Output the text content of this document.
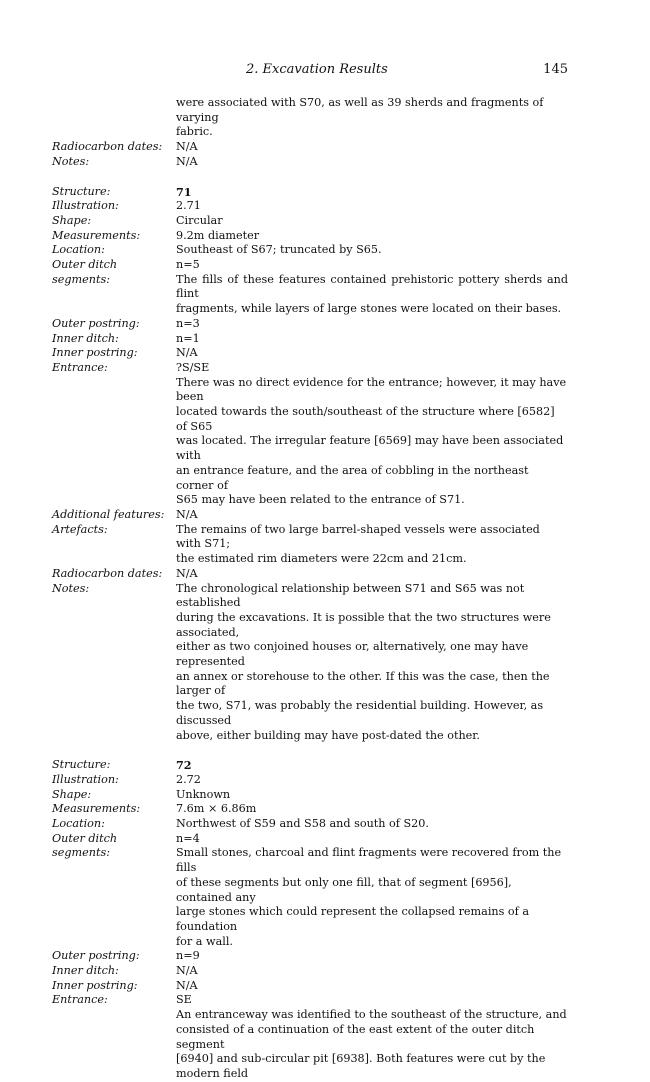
2. Excavation Results	145
were associated with S70, as well as 39 sherds and fragments of varying
fabric.
Radiocarbon dates:	N/A
Notes:	N/A
Structure:	71
Illustration:	2.71
Shape:	Circular
Measurements:	9.2m diameter
Location:	Southeast of S67; truncated by S65.
Outer ditch segments:
n=5
The fills of these features contained prehistoric pottery sherds and flint
fragments, while layers of large stones were located on their bases.
Outer postring:	n=3
Inner ditch:	n=1
Inner postring:	N/A
Entrance:	?S/SE
There was no direct evidence for the entrance; however, it may have been
located towards the south/southeast of the structure where [6582] of S65
was located. The irregular feature [6569] may have been associated with
an entrance feature, and the area of cobbling in the northeast corner of
S65 may have been related to the entrance of S71.
Additional features:	N/A
Artefacts:	The remains of two large barrel-shaped vessels were associated with S71;
the estimated rim diameters were 22cm and 21cm.
Radiocarbon dates:	N/A
Notes:	The chronological relationship between S71 and S65 was not established
during the excavations. It is possible that the two structures were associated,
either as two conjoined houses or, alternatively, one may have represented
an annex or storehouse to the other. If this was the case, then the larger of
the two, S71, was probably the residential building. However, as discussed
above, either building may have post-dated the other.
Structure:	72
Illustration:	2.72
Shape:	Unknown
Measurements:	7.6m × 6.86m
Location:	Northwest of S59 and S58 and south of S20.
Outer ditch segments:
n=4
Small stones, charcoal and flint fragments were recovered from the fills
of these segments but only one fill, that of segment [6956], contained any
large stones which could represent the collapsed remains of a foundation
for a wall.
Outer postring:	n=9
Inner ditch:	N/A
Inner postring:	N/A
Entrance:	SE
An entranceway was identified to the southeast of the structure, and
consisted of a continuation of the east extent of the outer ditch segment
[6940] and sub-circular pit [6938]. Both features were cut by the modern field
